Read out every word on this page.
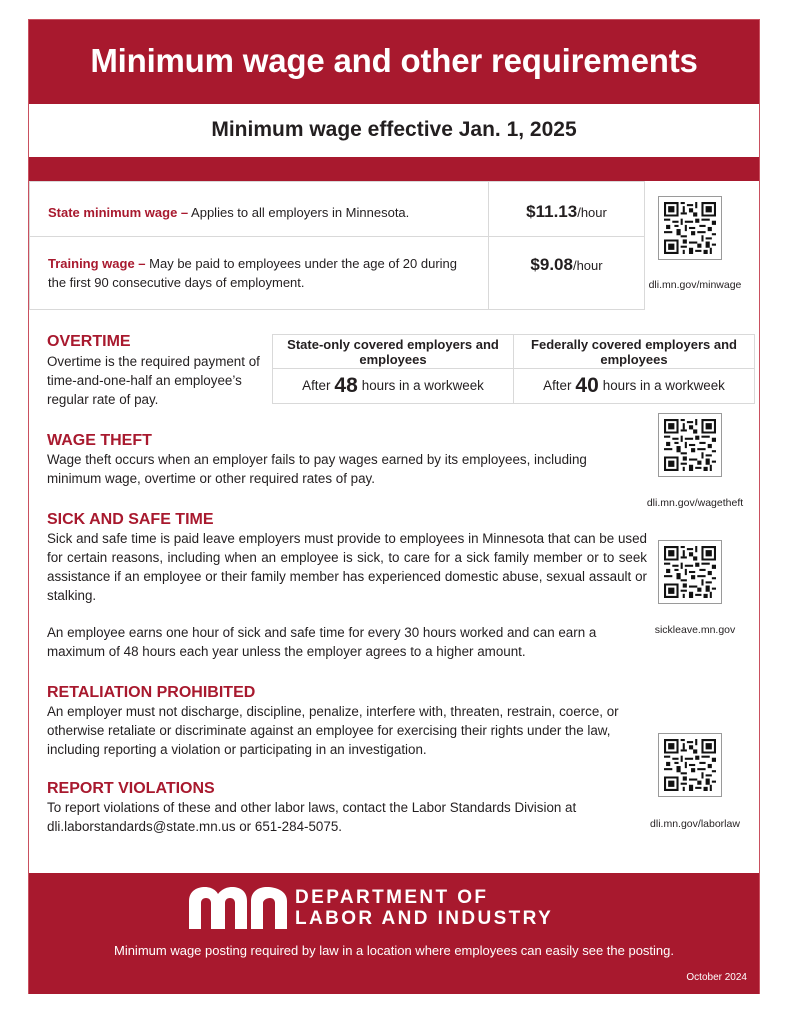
Minimum wage and other requirements
Minimum wage effective Jan. 1, 2025
State minimum wage – Applies to all employers in Minnesota.	$11.13/hour

Training wage – May be paid to employees under the age of 20 during the first 90 consecutive days of employment.	$9.08/hour
dli.mn.gov/minwage
OVERTIME
Overtime is the required payment of time-and-one-half an employee’s regular rate of pay.
State-only covered employers and employees	Federally covered employers and employees
After 48 hours in a workweek	After 40 hours in a workweek
WAGE THEFT
Wage theft occurs when an employer fails to pay wages earned by its employees, including minimum wage, overtime or other required rates of pay.
dli.mn.gov/wagetheft
SICK AND SAFE TIME
Sick and safe time is paid leave employers must provide to employees in Minnesota that can be used for certain reasons, including when an employee is sick, to care for a sick family member or to seek assistance if an employee or their family member has experienced domestic abuse, sexual assault or stalking.
An employee earns one hour of sick and safe time for every 30 hours worked and can earn a maximum of 48 hours each year unless the employer agrees to a higher amount.
sickleave.mn.gov
RETALIATION PROHIBITED
An employer must not discharge, discipline, penalize, interfere with, threaten, restrain, coerce, or otherwise retaliate or discriminate against an employee for exercising their rights under the law, including reporting a violation or participating in an investigation.
REPORT VIOLATIONS
To report violations of these and other labor laws, contact the Labor Standards Division at
dli.laborstandards@state.mn.us or 651-284-5075.	dli.mn.gov/laborlaw
DEPARTMENT OF
LABOR AND INDUSTRY
Minimum wage posting required by law in a location where employees can easily see the posting.
October 2024
